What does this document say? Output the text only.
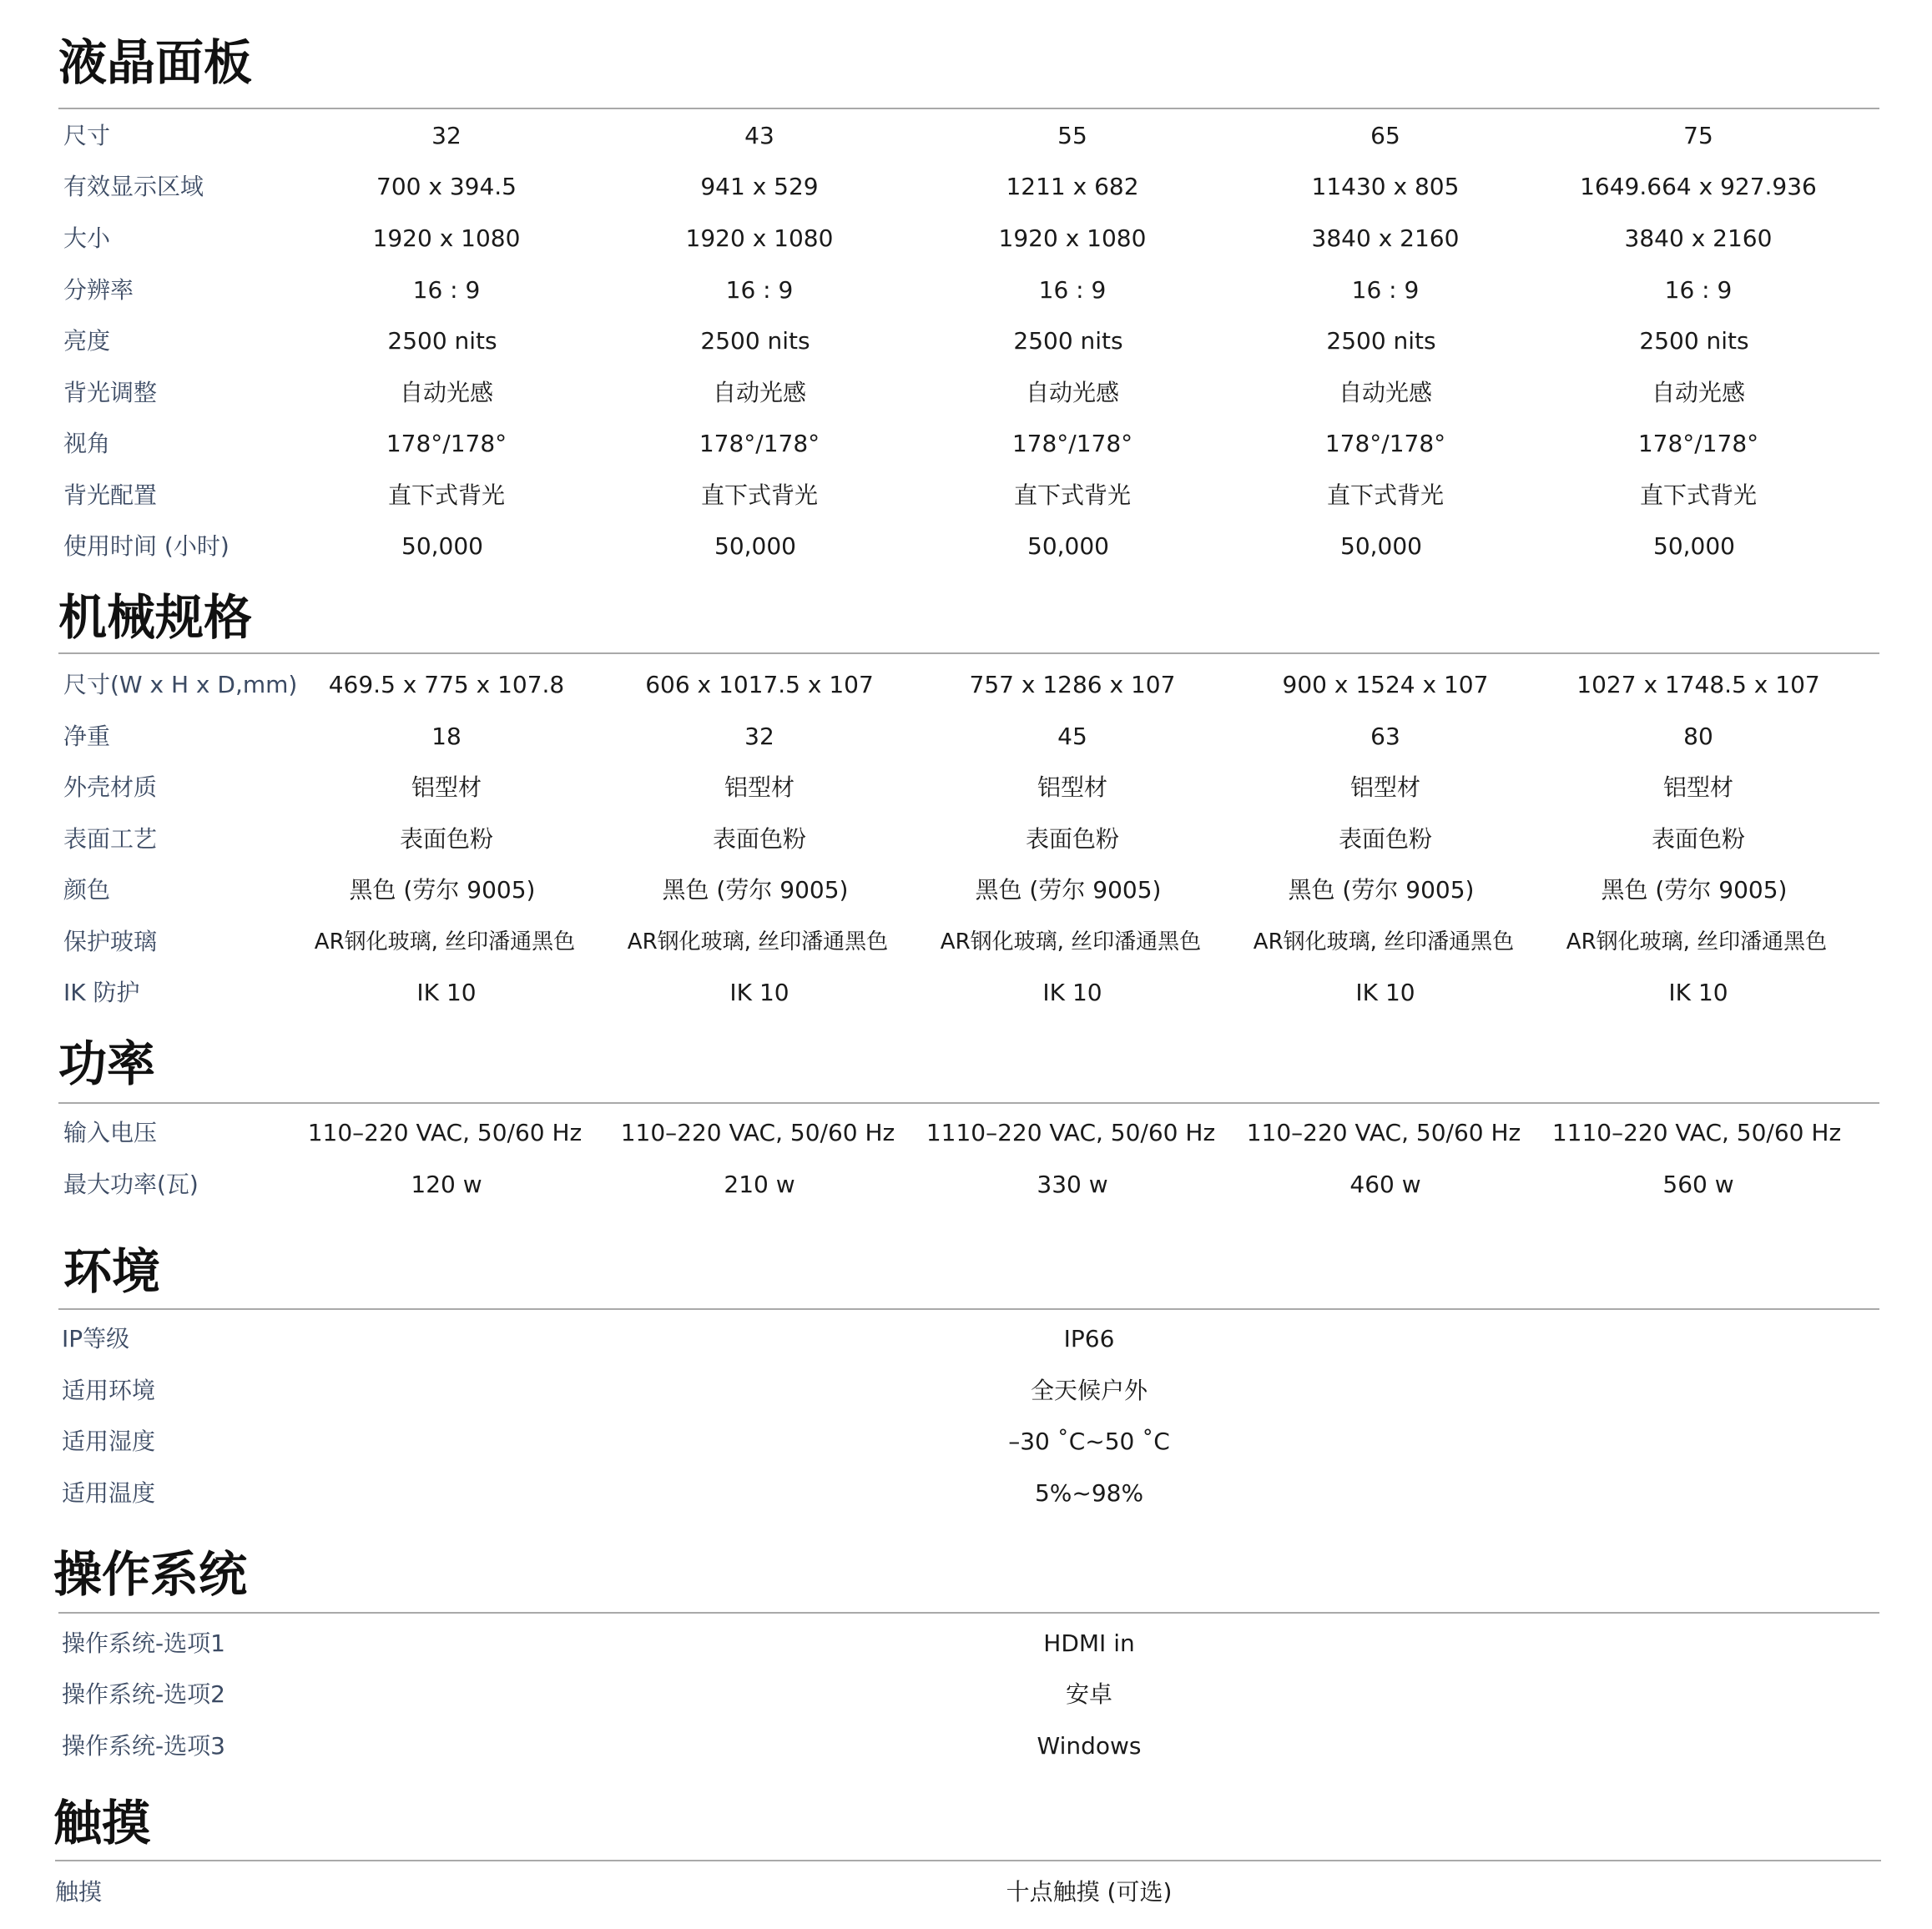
液晶面板
尺寸	32	43	55	65	75
有效显示区域	700 x 394.5	941 x 529	1211 x 682	11430 x 805	1649.664 x 927.936
大小	1920 x 1080	1920 x 1080	1920 x 1080	3840 x 2160	3840 x 2160
分辨率	16 : 9	16 : 9	16 : 9	16 : 9	16 : 9
亮度	2500 nits	2500 nits	2500 nits	2500 nits	2500 nits
背光调整	自动光感	自动光感	自动光感	自动光感	自动光感
视角	178°/178°	178°/178°	178°/178°	178°/178°	178°/178°
背光配置	直下式背光	直下式背光	直下式背光	直下式背光	直下式背光
使用时间 (小时)	50,000	50,000	50,000	50,000	50,000
机械规格
尺寸(W x H x D,mm)	469.5 x 775 x 107.8	606 x 1017.5 x 107	757 x 1286 x 107	900 x 1524 x 107	1027 x 1748.5 x 107
净重	18	32	45	63	80
外壳材质	铝型材	铝型材	铝型材	铝型材	铝型材
表面工艺	表面色粉	表面色粉	表面色粉	表面色粉	表面色粉
颜色	黑色 (劳尔 9005)	黑色 (劳尔 9005)	黑色 (劳尔 9005)	黑色 (劳尔 9005)	黑色 (劳尔 9005)
保护玻璃	AR钢化玻璃, 丝印潘通黑色	AR钢化玻璃, 丝印潘通黑色	AR钢化玻璃, 丝印潘通黑色	AR钢化玻璃, 丝印潘通黑色	AR钢化玻璃, 丝印潘通黑色
IK 防护	IK 10	IK 10	IK 10	IK 10	IK 10
功率
输入电压	110–220 VAC, 50/60 Hz	110–220 VAC, 50/60 Hz	1110–220 VAC, 50/60 Hz	110–220 VAC, 50/60 Hz	1110–220 VAC, 50/60 Hz
最大功率(瓦)	120 w	210 w	330 w	460 w	560 w
环境
IP等级	IP66
适用环境	全天候户外
适用湿度	–30 ˚C~50 ˚C
适用温度	5%~98%
操作系统
操作系统-选项1	HDMI in
操作系统-选项2	安卓
操作系统-选项3	Windows
触摸
触摸	十点触摸 (可选)
